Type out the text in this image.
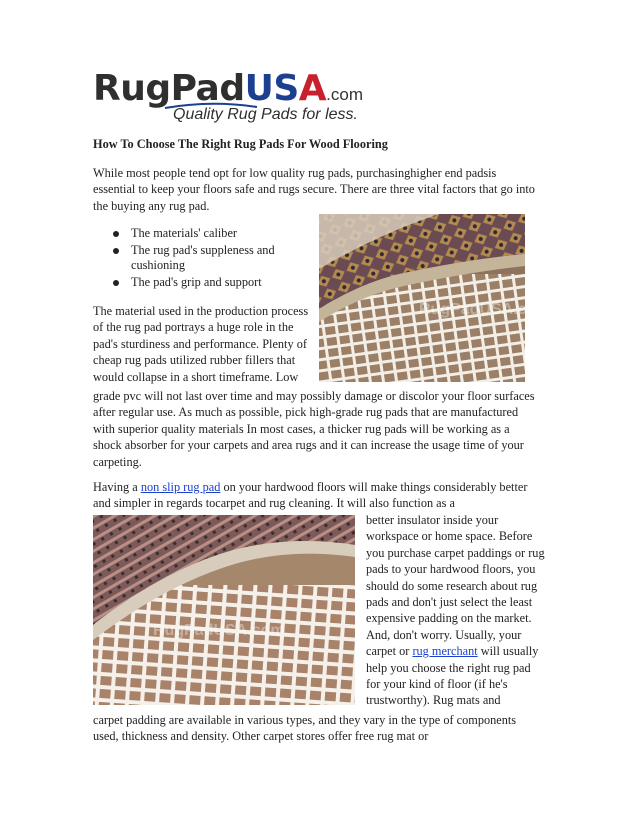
RugPadUSA.com
Quality Rug Pads for less.
How To Choose The Right Rug Pads For Wood Flooring
While most people tend opt for low quality rug pads, purchasinghigher end padsis essential to keep your floors safe and rugs secure. There are three vital factors that go into the buying any rug pad.
The materials' caliber
The rug pad's suppleness and cushioning
The pad's grip and support
RugPadUSA.com
The material used in the production process of the rug pad portrays a huge role in the pad's sturdiness and performance. Plenty of cheap rug pads utilized rubber fillers that would collapse in a short timeframe. Low
grade pvc will not last over time and may possibly damage or discolor your floor surfaces after regular use. As much as possible, pick high-grade rug pads that are manufactured with superior quality materials In most cases, a thicker rug pads will be working as a shock absorber for your carpets and area rugs and it can increase the usage time of your carpeting.
Having a non slip rug pad on your hardwood floors will make things considerably better and simpler in regards tocarpet and rug cleaning. It will also function as a
RugPadUSA.com
better insulator inside your workspace or home space. Before you purchase carpet paddings or rug pads to your hardwood floors, you should do some research about rug pads and don't just select the least expensive padding on the market. And, don't worry. Usually, your carpet or rug merchant will usually help you choose the right rug pad for your kind of floor (if he's trustworthy). Rug mats and
carpet padding are available in various types, and they vary in the type of components used, thickness and density. Other carpet stores offer free rug mat or
